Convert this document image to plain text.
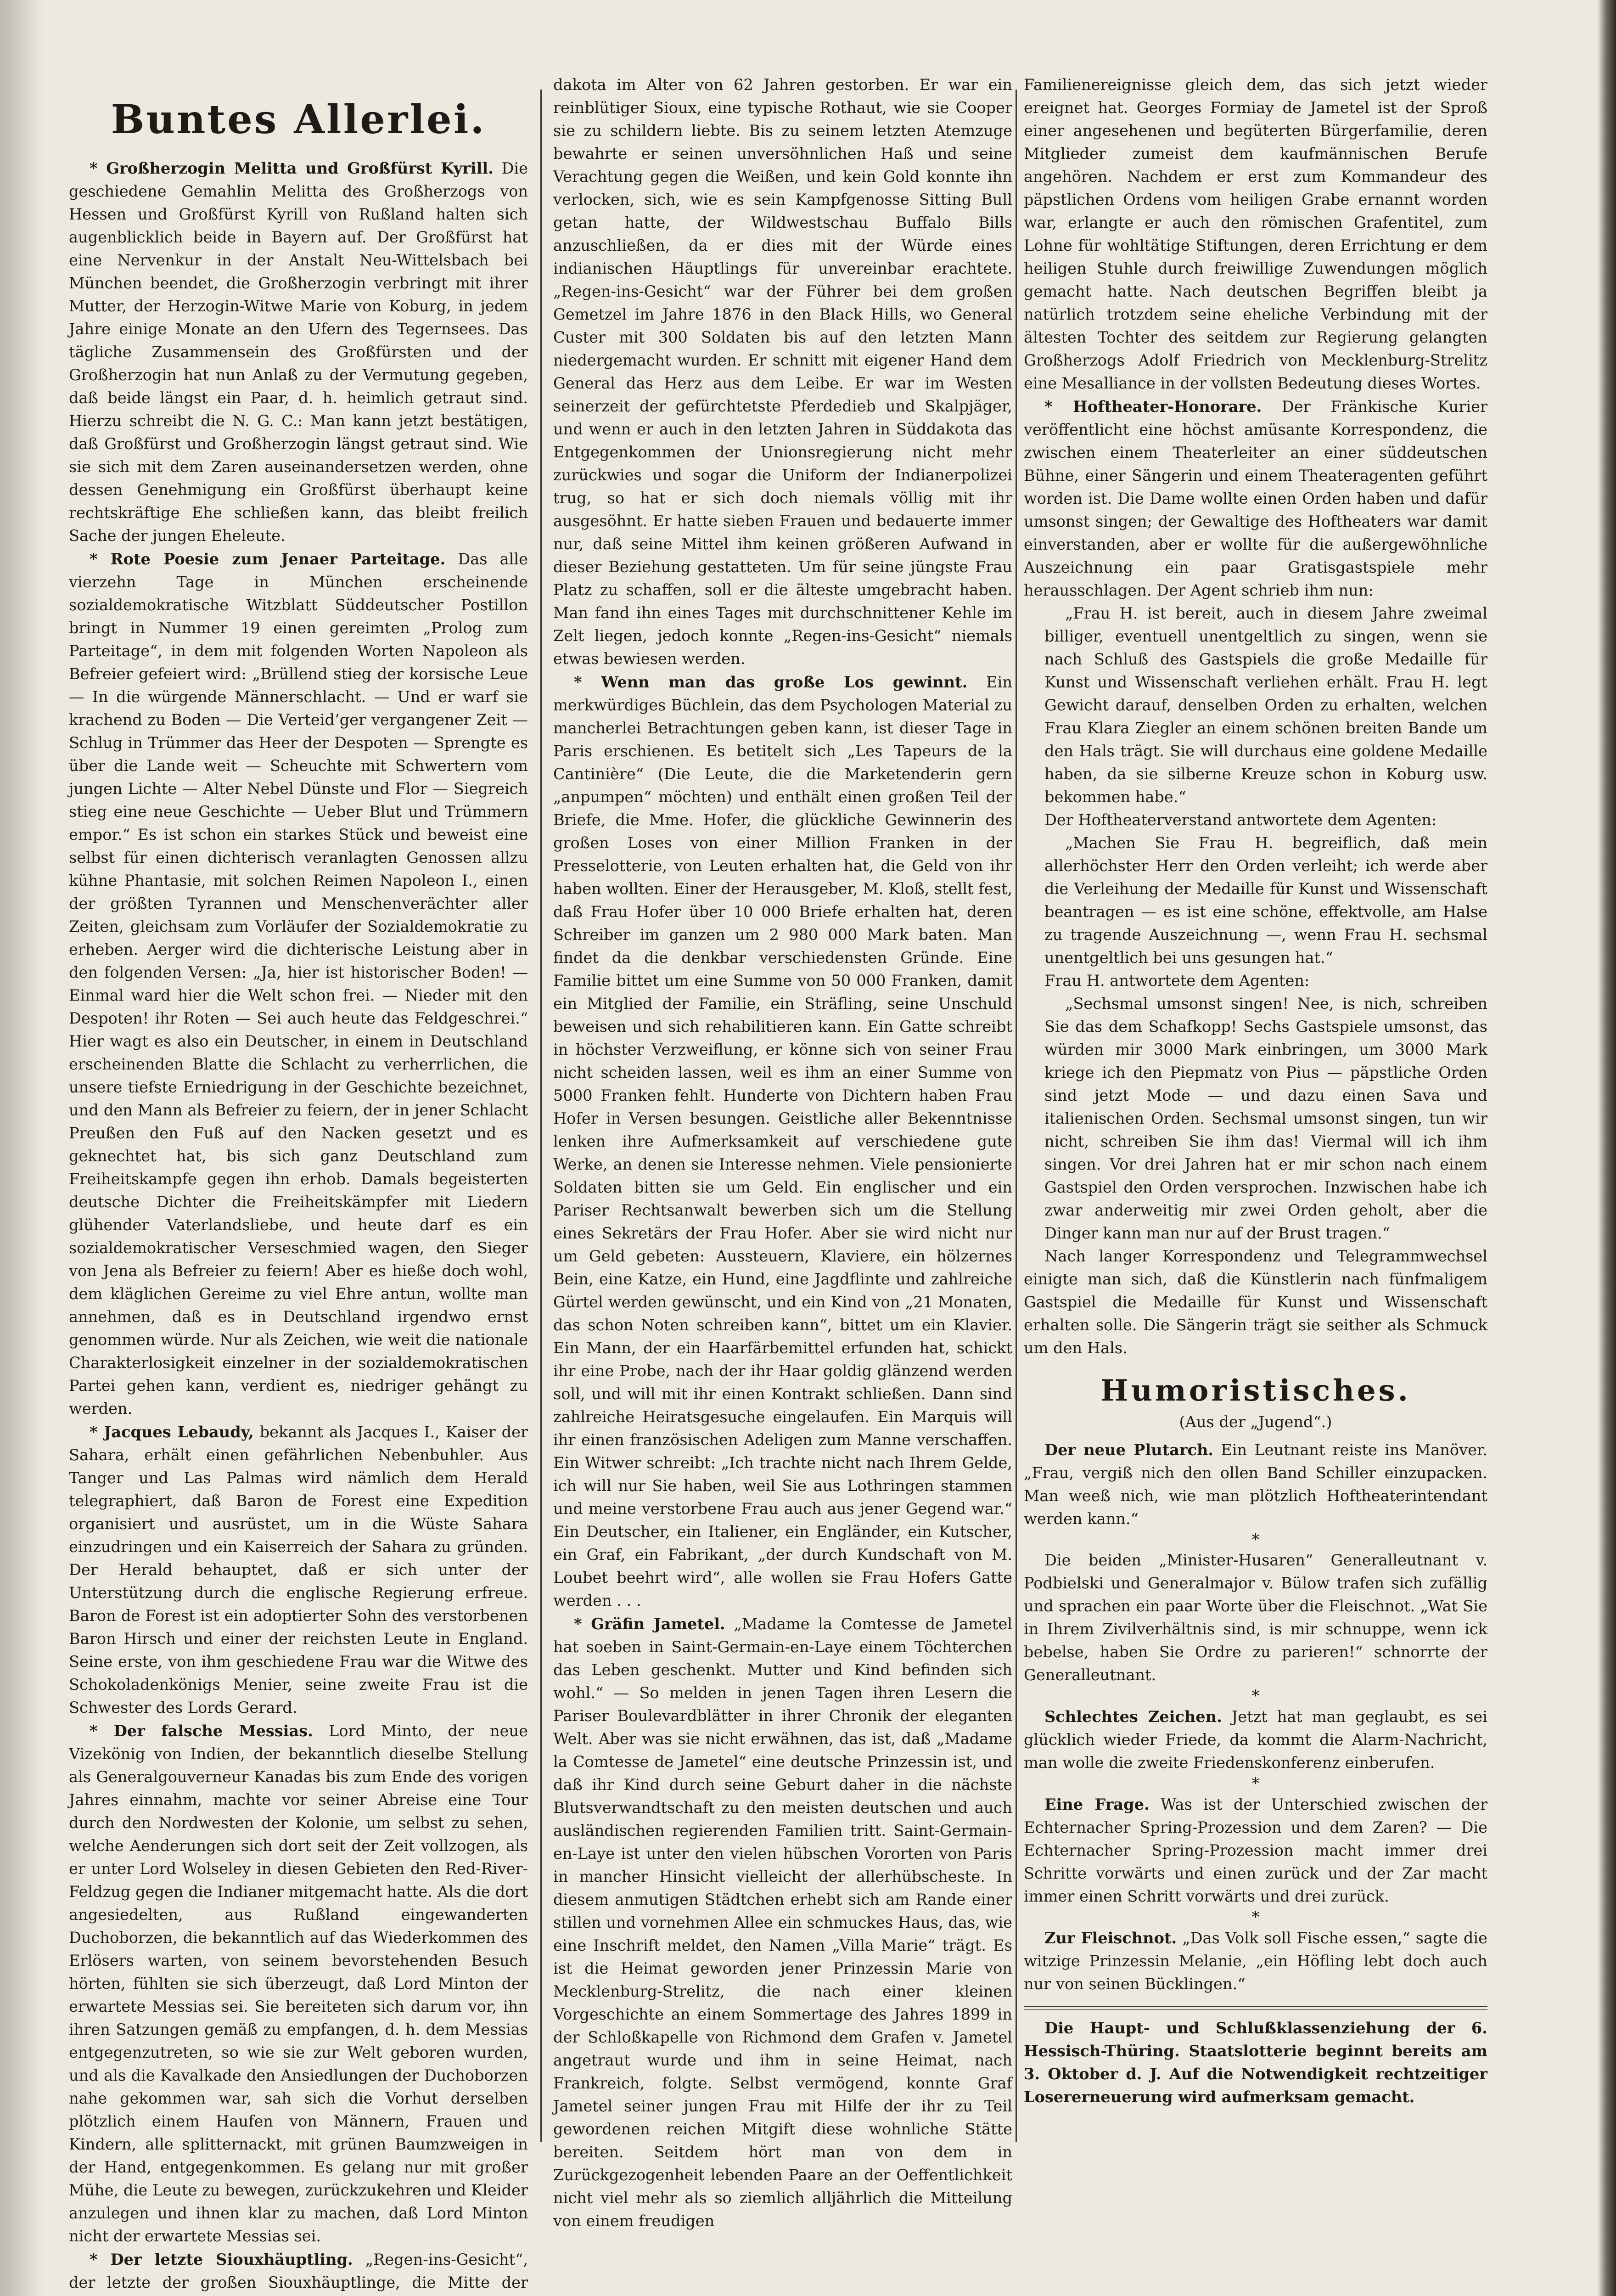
Buntes Allerlei.

* Großherzogin Melitta und Großfürst Kyrill. Die geschiedene Gemahlin Melitta des Großherzogs von Hessen und Großfürst Kyrill von Rußland halten sich augenblicklich beide in Bayern auf. Der Großfürst hat eine Nervenkur in der Anstalt Neu-Wittelsbach bei München beendet, die Großherzogin verbringt mit ihrer Mutter, der Herzogin-Witwe Marie von Koburg, in jedem Jahre einige Monate an den Ufern des Tegernsees. Das tägliche Zusammensein des Großfürsten und der Großherzogin hat nun Anlaß zu der Vermutung gegeben, daß beide längst ein Paar, d. h. heimlich getraut sind. Hierzu schreibt die N. G. C.: Man kann jetzt bestätigen, daß Großfürst und Großherzogin längst getraut sind. Wie sie sich mit dem Zaren auseinandersetzen werden, ohne dessen Genehmigung ein Großfürst überhaupt keine rechtskräftige Ehe schließen kann, das bleibt freilich Sache der jungen Eheleute.

* Rote Poesie zum Jenaer Parteitage. Das alle vierzehn Tage in München erscheinende sozialdemokratische Witzblatt Süddeutscher Postillon bringt in Nummer 19 einen gereimten „Prolog zum Parteitage“, in dem mit folgenden Worten Napoleon als Befreier gefeiert wird: „Brüllend stieg der korsische Leue — In die würgende Männerschlacht. — Und er warf sie krachend zu Boden — Die Verteid’ger vergangener Zeit — Schlug in Trümmer das Heer der Despoten — Sprengte es über die Lande weit — Scheuchte mit Schwertern vom jungen Lichte — Alter Nebel Dünste und Flor — Siegreich stieg eine neue Geschichte — Ueber Blut und Trümmern empor.“ Es ist schon ein starkes Stück und beweist eine selbst für einen dichterisch veranlagten Genossen allzu kühne Phantasie, mit solchen Reimen Napoleon I., einen der größten Tyrannen und Menschenverächter aller Zeiten, gleichsam zum Vorläufer der Sozialdemokratie zu erheben. Aerger wird die dichterische Leistung aber in den folgenden Versen: „Ja, hier ist historischer Boden! — Einmal ward hier die Welt schon frei. — Nieder mit den Despoten! ihr Roten — Sei auch heute das Feldgeschrei.“ Hier wagt es also ein Deutscher, in einem in Deutschland erscheinenden Blatte die Schlacht zu verherrlichen, die unsere tiefste Erniedrigung in der Geschichte bezeichnet, und den Mann als Befreier zu feiern, der in jener Schlacht Preußen den Fuß auf den Nacken gesetzt und es geknechtet hat, bis sich ganz Deutschland zum Freiheitskampfe gegen ihn erhob. Damals begeisterten deutsche Dichter die Freiheitskämpfer mit Liedern glühender Vaterlandsliebe, und heute darf es ein sozialdemokratischer Verseschmied wagen, den Sieger von Jena als Befreier zu feiern! Aber es hieße doch wohl, dem kläglichen Gereime zu viel Ehre antun, wollte man annehmen, daß es in Deutschland irgendwo ernst genommen würde. Nur als Zeichen, wie weit die nationale Charakterlosigkeit einzelner in der sozialdemokratischen Partei gehen kann, verdient es, niedriger gehängt zu werden.

* Jacques Lebaudy, bekannt als Jacques I., Kaiser der Sahara, erhält einen gefährlichen Nebenbuhler. Aus Tanger und Las Palmas wird nämlich dem Herald telegraphiert, daß Baron de Forest eine Expedition organisiert und ausrüstet, um in die Wüste Sahara einzudringen und ein Kaiserreich der Sahara zu gründen. Der Herald behauptet, daß er sich unter der Unterstützung durch die englische Regierung erfreue. Baron de Forest ist ein adoptierter Sohn des verstorbenen Baron Hirsch und einer der reichsten Leute in England. Seine erste, von ihm geschiedene Frau war die Witwe des Schokoladenkönigs Menier, seine zweite Frau ist die Schwester des Lords Gerard.

* Der falsche Messias. Lord Minto, der neue Vizekönig von Indien, der bekanntlich dieselbe Stellung als Generalgouverneur Kanadas bis zum Ende des vorigen Jahres einnahm, machte vor seiner Abreise eine Tour durch den Nordwesten der Kolonie, um selbst zu sehen, welche Aenderungen sich dort seit der Zeit vollzogen, als er unter Lord Wolseley in diesen Gebieten den Red-River-Feldzug gegen die Indianer mitgemacht hatte. Als die dort angesiedelten, aus Rußland eingewanderten Duchoborzen, die bekanntlich auf das Wiederkommen des Erlösers warten, von seinem bevorstehenden Besuch hörten, fühlten sie sich überzeugt, daß Lord Minton der erwartete Messias sei. Sie bereiteten sich darum vor, ihn ihren Satzungen gemäß zu empfangen, d. h. dem Messias entgegenzutreten, so wie sie zur Welt geboren wurden, und als die Kavalkade den Ansiedlungen der Duchoborzen nahe gekommen war, sah sich die Vorhut derselben plötzlich einem Haufen von Männern, Frauen und Kindern, alle splitternackt, mit grünen Baumzweigen in der Hand, entgegenkommen. Es gelang nur mit großer Mühe, die Leute zu bewegen, zurückzukehren und Kleider anzulegen und ihnen klar zu machen, daß Lord Minton nicht der erwartete Messias sei.

* Der letzte Siouxhäuptling. „Regen-ins-Gesicht“, der letzte der großen Siouxhäuptlinge, die Mitte der

dakota im Alter von 62 Jahren gestorben. Er war ein reinblütiger Sioux, eine typische Rothaut, wie sie Cooper sie zu schildern liebte. Bis zu seinem letzten Atemzuge bewahrte er seinen unversöhnlichen Haß und seine Verachtung gegen die Weißen, und kein Gold konnte ihn verlocken, sich, wie es sein Kampfgenosse Sitting Bull getan hatte, der Wildwestschau Buffalo Bills anzuschließen, da er dies mit der Würde eines indianischen Häuptlings für unvereinbar erachtete. „Regen-ins-Gesicht“ war der Führer bei dem großen Gemetzel im Jahre 1876 in den Black Hills, wo General Custer mit 300 Soldaten bis auf den letzten Mann niedergemacht wurden. Er schnitt mit eigener Hand dem General das Herz aus dem Leibe. Er war im Westen seinerzeit der gefürchtetste Pferdedieb und Skalpjäger, und wenn er auch in den letzten Jahren in Süddakota das Entgegenkommen der Unionsregierung nicht mehr zurückwies und sogar die Uniform der Indianerpolizei trug, so hat er sich doch niemals völlig mit ihr ausgesöhnt. Er hatte sieben Frauen und bedauerte immer nur, daß seine Mittel ihm keinen größeren Aufwand in dieser Beziehung gestatteten. Um für seine jüngste Frau Platz zu schaffen, soll er die älteste umgebracht haben. Man fand ihn eines Tages mit durchschnittener Kehle im Zelt liegen, jedoch konnte „Regen-ins-Gesicht“ niemals etwas bewiesen werden.

* Wenn man das große Los gewinnt. Ein merkwürdiges Büchlein, das dem Psychologen Material zu mancherlei Betrachtungen geben kann, ist dieser Tage in Paris erschienen. Es betitelt sich „Les Tapeurs de la Cantinière“ (Die Leute, die die Marketenderin gern „anpumpen“ möchten) und enthält einen großen Teil der Briefe, die Mme. Hofer, die glückliche Gewinnerin des großen Loses von einer Million Franken in der Presselotterie, von Leuten erhalten hat, die Geld von ihr haben wollten. Einer der Herausgeber, M. Kloß, stellt fest, daß Frau Hofer über 10 000 Briefe erhalten hat, deren Schreiber im ganzen um 2 980 000 Mark baten. Man findet da die denkbar verschiedensten Gründe. Eine Familie bittet um eine Summe von 50 000 Franken, damit ein Mitglied der Familie, ein Sträfling, seine Unschuld beweisen und sich rehabilitieren kann. Ein Gatte schreibt in höchster Verzweiflung, er könne sich von seiner Frau nicht scheiden lassen, weil es ihm an einer Summe von 5000 Franken fehlt. Hunderte von Dichtern haben Frau Hofer in Versen besungen. Geistliche aller Bekenntnisse lenken ihre Aufmerksamkeit auf verschiedene gute Werke, an denen sie Interesse nehmen. Viele pensionierte Soldaten bitten sie um Geld. Ein englischer und ein Pariser Rechtsanwalt bewerben sich um die Stellung eines Sekretärs der Frau Hofer. Aber sie wird nicht nur um Geld gebeten: Aussteuern, Klaviere, ein hölzernes Bein, eine Katze, ein Hund, eine Jagdflinte und zahlreiche Gürtel werden gewünscht, und ein Kind von „21 Monaten, das schon Noten schreiben kann“, bittet um ein Klavier. Ein Mann, der ein Haarfärbemittel erfunden hat, schickt ihr eine Probe, nach der ihr Haar goldig glänzend werden soll, und will mit ihr einen Kontrakt schließen. Dann sind zahlreiche Heiratsgesuche eingelaufen. Ein Marquis will ihr einen französischen Adeligen zum Manne verschaffen. Ein Witwer schreibt: „Ich trachte nicht nach Ihrem Gelde, ich will nur Sie haben, weil Sie aus Lothringen stammen und meine verstorbene Frau auch aus jener Gegend war.“ Ein Deutscher, ein Italiener, ein Engländer, ein Kutscher, ein Graf, ein Fabrikant, „der durch Kundschaft von M. Loubet beehrt wird“, alle wollen sie Frau Hofers Gatte werden . . .

* Gräfin Jametel. „Madame la Comtesse de Jametel hat soeben in Saint-Germain-en-Laye einem Töchterchen das Leben geschenkt. Mutter und Kind befinden sich wohl.“ — So melden in jenen Tagen ihren Lesern die Pariser Boulevardblätter in ihrer Chronik der eleganten Welt. Aber was sie nicht erwähnen, das ist, daß „Madame la Comtesse de Jametel“ eine deutsche Prinzessin ist, und daß ihr Kind durch seine Geburt daher in die nächste Blutsverwandtschaft zu den meisten deutschen und auch ausländischen regierenden Familien tritt. Saint-Germain-en-Laye ist unter den vielen hübschen Vororten von Paris in mancher Hinsicht vielleicht der allerhübscheste. In diesem anmutigen Städtchen erhebt sich am Rande einer stillen und vornehmen Allee ein schmuckes Haus, das, wie eine Inschrift meldet, den Namen „Villa Marie“ trägt. Es ist die Heimat geworden jener Prinzessin Marie von Mecklenburg-Strelitz, die nach einer kleinen Vorgeschichte an einem Sommertage des Jahres 1899 in der Schloßkapelle von Richmond dem Grafen v. Jametel angetraut wurde und ihm in seine Heimat, nach Frankreich, folgte. Selbst vermögend, konnte Graf Jametel seiner jungen Frau mit Hilfe der ihr zu Teil gewordenen reichen Mitgift diese wohnliche Stätte bereiten. Seitdem hört man von dem in Zurückgezogenheit lebenden Paare an der Oeffentlichkeit nicht viel mehr als so ziemlich alljährlich die Mitteilung von einem freudigen

Familienereignisse gleich dem, das sich jetzt wieder ereignet hat. Georges Formiay de Jametel ist der Sproß einer angesehenen und begüterten Bürgerfamilie, deren Mitglieder zumeist dem kaufmännischen Berufe angehören. Nachdem er erst zum Kommandeur des päpstlichen Ordens vom heiligen Grabe ernannt worden war, erlangte er auch den römischen Grafentitel, zum Lohne für wohltätige Stiftungen, deren Errichtung er dem heiligen Stuhle durch freiwillige Zuwendungen möglich gemacht hatte. Nach deutschen Begriffen bleibt ja natürlich trotzdem seine eheliche Verbindung mit der ältesten Tochter des seitdem zur Regierung gelangten Großherzogs Adolf Friedrich von Mecklenburg-Strelitz eine Mesalliance in der vollsten Bedeutung dieses Wortes.

* Hoftheater-Honorare. Der Fränkische Kurier veröffentlicht eine höchst amüsante Korrespondenz, die zwischen einem Theaterleiter an einer süddeutschen Bühne, einer Sängerin und einem Theateragenten geführt worden ist. Die Dame wollte einen Orden haben und dafür umsonst singen; der Gewaltige des Hoftheaters war damit einverstanden, aber er wollte für die außergewöhnliche Auszeichnung ein paar Gratisgastspiele mehr herausschlagen. Der Agent schrieb ihm nun:

„Frau H. ist bereit, auch in diesem Jahre zweimal billiger, eventuell unentgeltlich zu singen, wenn sie nach Schluß des Gastspiels die große Medaille für Kunst und Wissenschaft verliehen erhält. Frau H. legt Gewicht darauf, denselben Orden zu erhalten, welchen Frau Klara Ziegler an einem schönen breiten Bande um den Hals trägt. Sie will durchaus eine goldene Medaille haben, da sie silberne Kreuze schon in Koburg usw. bekommen habe.“

Der Hoftheaterverstand antwortete dem Agenten:

„Machen Sie Frau H. begreiflich, daß mein allerhöchster Herr den Orden verleiht; ich werde aber die Verleihung der Medaille für Kunst und Wissenschaft beantragen — es ist eine schöne, effektvolle, am Halse zu tragende Auszeichnung —, wenn Frau H. sechsmal unentgeltlich bei uns gesungen hat.“

Frau H. antwortete dem Agenten:

„Sechsmal umsonst singen! Nee, is nich, schreiben Sie das dem Schafkopp! Sechs Gastspiele umsonst, das würden mir 3000 Mark einbringen, um 3000 Mark kriege ich den Piepmatz von Pius — päpstliche Orden sind jetzt Mode — und dazu einen Sava und italienischen Orden. Sechsmal umsonst singen, tun wir nicht, schreiben Sie ihm das! Viermal will ich ihm singen. Vor drei Jahren hat er mir schon nach einem Gastspiel den Orden versprochen. Inzwischen habe ich zwar anderweitig mir zwei Orden geholt, aber die Dinger kann man nur auf der Brust tragen.“

Nach langer Korrespondenz und Telegrammwechsel einigte man sich, daß die Künstlerin nach fünfmaligem Gastspiel die Medaille für Kunst und Wissenschaft erhalten solle. Die Sängerin trägt sie seither als Schmuck um den Hals.

Humoristisches.
(Aus der „Jugend“.)

Der neue Plutarch. Ein Leutnant reiste ins Manöver. „Frau, vergiß nich den ollen Band Schiller einzupacken. Man weeß nich, wie man plötzlich Hoftheaterintendant werden kann.“

*

Die beiden „Minister-Husaren“ Generalleutnant v. Podbielski und Generalmajor v. Bülow trafen sich zufällig und sprachen ein paar Worte über die Fleischnot. „Wat Sie in Ihrem Zivilverhältnis sind, is mir schnuppe, wenn ick bebelse, haben Sie Ordre zu parieren!“ schnorrte der Generalleutnant.

*

Schlechtes Zeichen. Jetzt hat man geglaubt, es sei glücklich wieder Friede, da kommt die Alarm-Nachricht, man wolle die zweite Friedenskonferenz einberufen.

*

Eine Frage. Was ist der Unterschied zwischen der Echternacher Spring-Prozession und dem Zaren? — Die Echternacher Spring-Prozession macht immer drei Schritte vorwärts und einen zurück und der Zar macht immer einen Schritt vorwärts und drei zurück.

*

Zur Fleischnot. „Das Volk soll Fische essen,“ sagte die witzige Prinzessin Melanie, „ein Höfling lebt doch auch nur von seinen Bücklingen.“

Die Haupt- und Schlußklassenziehung der 6. Hessisch-Thüring. Staatslotterie beginnt bereits am 3. Oktober d. J. Auf die Notwendigkeit rechtzeitiger Losererneuerung wird aufmerksam gemacht.
